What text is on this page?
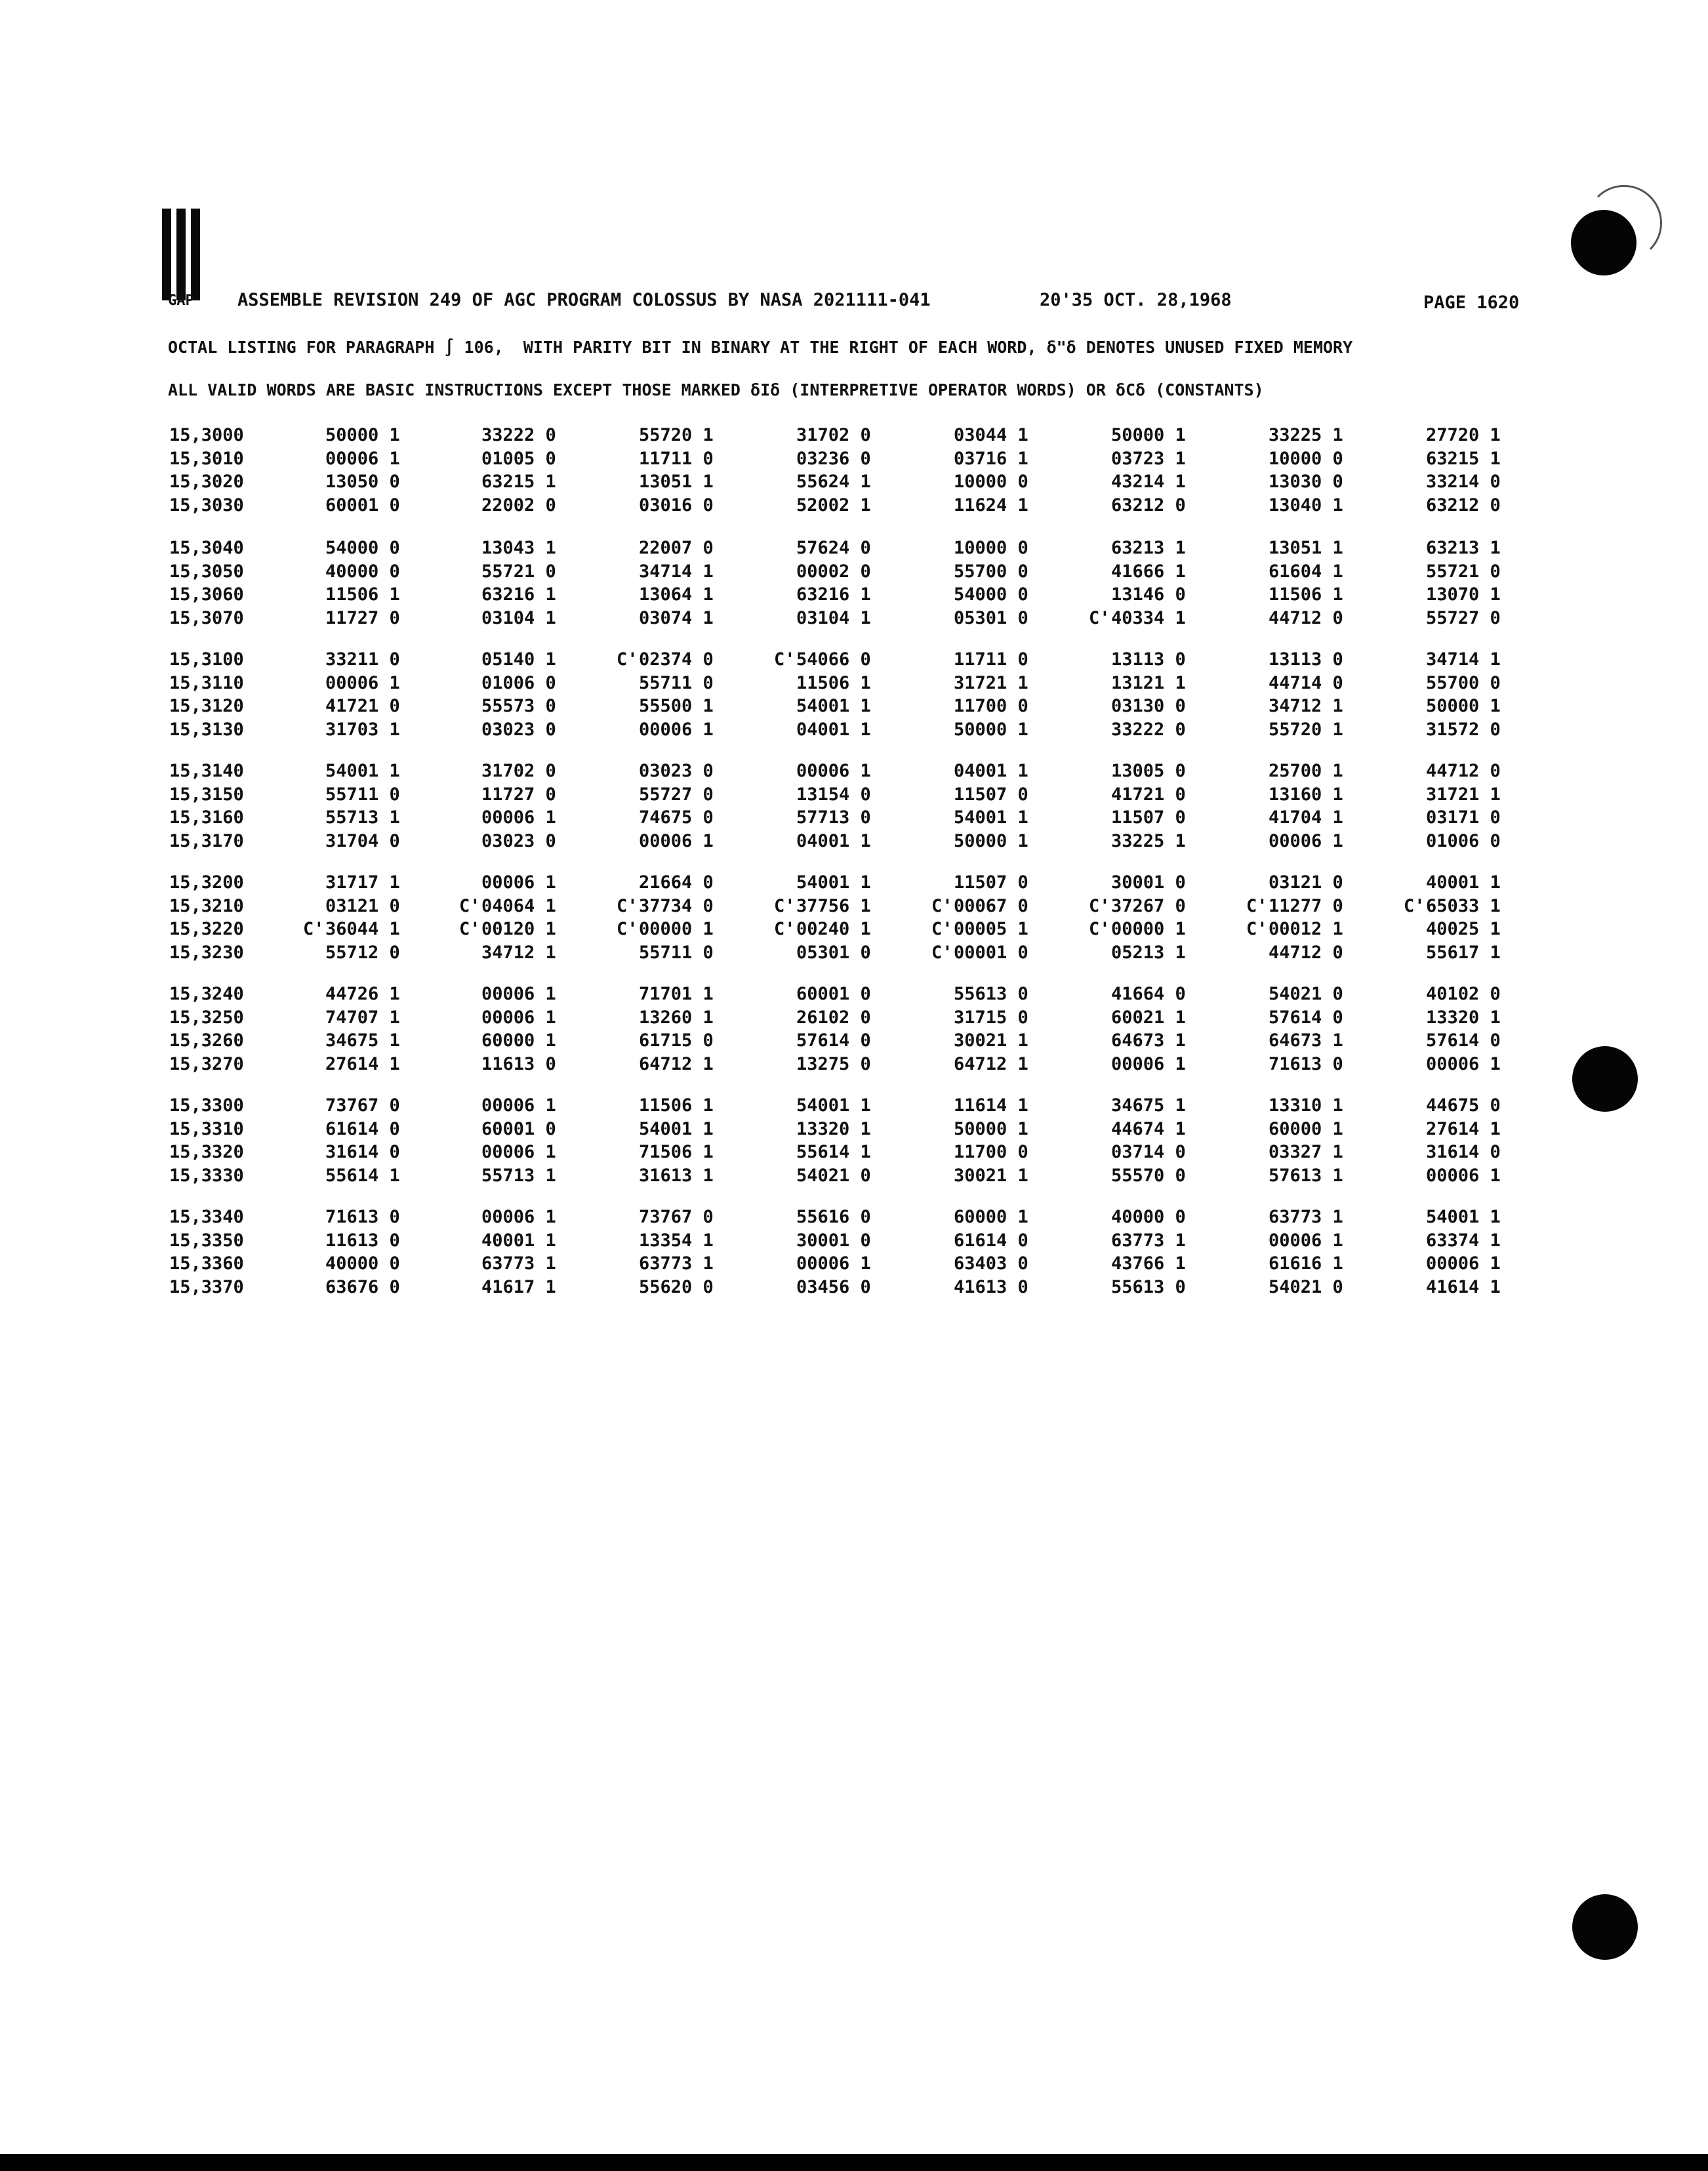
GAP ASSEMBLE REVISION 249 OF AGC PROGRAM COLOSSUS BY NASA 2021111-041	20'35 OCT. 28,1968	PAGE 1620
OCTAL LISTING FOR PARAGRAPH ∫ 106,  WITH PARITY BIT IN BINARY AT THE RIGHT OF EACH WORD, δ"δ DENOTES UNUSED FIXED MEMORY
ALL VALID WORDS ARE BASIC INSTRUCTIONS EXCEPT THOSE MARKED δIδ (INTERPRETIVE OPERATOR WORDS) OR δCδ (CONSTANTS)
15,3000	50000 1	33222 0	55720 1	31702 0	03044 1	50000 1	33225 1	27720 1
15,3010	00006 1	01005 0	11711 0	03236 0	03716 1	03723 1	10000 0	63215 1
15,3020	13050 0	63215 1	13051 1	55624 1	10000 0	43214 1	13030 0	33214 0
15,3030	60001 0	22002 0	03016 0	52002 1	11624 1	63212 0	13040 1	63212 0
15,3040	54000 0	13043 1	22007 0	57624 0	10000 0	63213 1	13051 1	63213 1
15,3050	40000 0	55721 0	34714 1	00002 0	55700 0	41666 1	61604 1	55721 0
15,3060	11506 1	63216 1	13064 1	63216 1	54000 0	13146 0	11506 1	13070 1
15,3070	11727 0	03104 1	03074 1	03104 1	05301 0	C'40334 1	44712 0	55727 0
15,3100	33211 0	05140 1	C'02374 0	C'54066 0	11711 0	13113 0	13113 0	34714 1
15,3110	00006 1	01006 0	55711 0	11506 1	31721 1	13121 1	44714 0	55700 0
15,3120	41721 0	55573 0	55500 1	54001 1	11700 0	03130 0	34712 1	50000 1
15,3130	31703 1	03023 0	00006 1	04001 1	50000 1	33222 0	55720 1	31572 0
15,3140	54001 1	31702 0	03023 0	00006 1	04001 1	13005 0	25700 1	44712 0
15,3150	55711 0	11727 0	55727 0	13154 0	11507 0	41721 0	13160 1	31721 1
15,3160	55713 1	00006 1	74675 0	57713 0	54001 1	11507 0	41704 1	03171 0
15,3170	31704 0	03023 0	00006 1	04001 1	50000 1	33225 1	00006 1	01006 0
15,3200	31717 1	00006 1	21664 0	54001 1	11507 0	30001 0	03121 0	40001 1
15,3210	03121 0	C'04064 1	C'37734 0	C'37756 1	C'00067 0	C'37267 0	C'11277 0	C'65033 1
15,3220	C'36044 1	C'00120 1	C'00000 1	C'00240 1	C'00005 1	C'00000 1	C'00012 1	40025 1
15,3230	55712 0	34712 1	55711 0	05301 0	C'00001 0	05213 1	44712 0	55617 1
15,3240	44726 1	00006 1	71701 1	60001 0	55613 0	41664 0	54021 0	40102 0
15,3250	74707 1	00006 1	13260 1	26102 0	31715 0	60021 1	57614 0	13320 1
15,3260	34675 1	60000 1	61715 0	57614 0	30021 1	64673 1	64673 1	57614 0
15,3270	27614 1	11613 0	64712 1	13275 0	64712 1	00006 1	71613 0	00006 1
15,3300	73767 0	00006 1	11506 1	54001 1	11614 1	34675 1	13310 1	44675 0
15,3310	61614 0	60001 0	54001 1	13320 1	50000 1	44674 1	60000 1	27614 1
15,3320	31614 0	00006 1	71506 1	55614 1	11700 0	03714 0	03327 1	31614 0
15,3330	55614 1	55713 1	31613 1	54021 0	30021 1	55570 0	57613 1	00006 1
15,3340	71613 0	00006 1	73767 0	55616 0	60000 1	40000 0	63773 1	54001 1
15,3350	11613 0	40001 1	13354 1	30001 0	61614 0	63773 1	00006 1	63374 1
15,3360	40000 0	63773 1	63773 1	00006 1	63403 0	43766 1	61616 1	00006 1
15,3370	63676 0	41617 1	55620 0	03456 0	41613 0	55613 0	54021 0	41614 1
